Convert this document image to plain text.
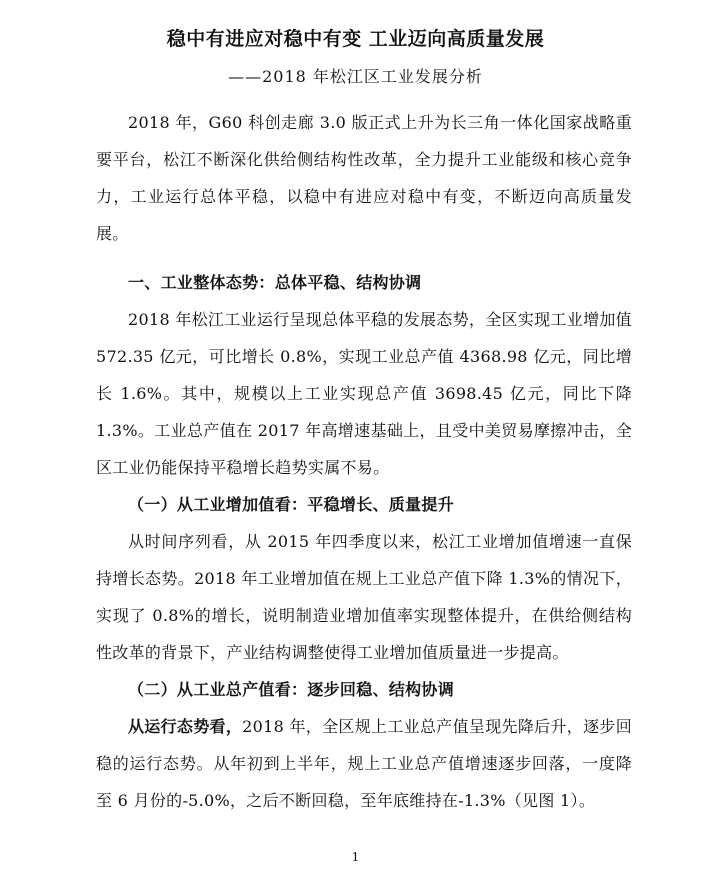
稳中有进应对稳中有变 工业迈向高质量发展
——2018 年松江区工业发展分析

2018 年，G60 科创走廊 3.0 版正式上升为长三角一体化国家战略重要平台，松江不断深化供给侧结构性改革，全力提升工业能级和核心竞争力，工业运行总体平稳，以稳中有进应对稳中有变，不断迈向高质量发展。

一、工业整体态势：总体平稳、结构协调

2018 年松江工业运行呈现总体平稳的发展态势，全区实现工业增加值 572.35 亿元，可比增长 0.8%，实现工业总产值 4368.98 亿元，同比增长 1.6%。其中，规模以上工业实现总产值 3698.45 亿元，同比下降 1.3%。工业总产值在 2017 年高增速基础上，且受中美贸易摩擦冲击，全区工业仍能保持平稳增长趋势实属不易。

（一）从工业增加值看：平稳增长、质量提升

从时间序列看，从 2015 年四季度以来，松江工业增加值增速一直保持增长态势。2018 年工业增加值在规上工业总产值下降 1.3%的情况下，实现了 0.8%的增长，说明制造业增加值率实现整体提升，在供给侧结构性改革的背景下，产业结构调整使得工业增加值质量进一步提高。

（二）从工业总产值看：逐步回稳、结构协调

从运行态势看，2018 年，全区规上工业总产值呈现先降后升，逐步回稳的运行态势。从年初到上半年，规上工业总产值增速逐步回落，一度降至 6 月份的-5.0%，之后不断回稳，至年底维持在-1.3%（见图 1）。

1
